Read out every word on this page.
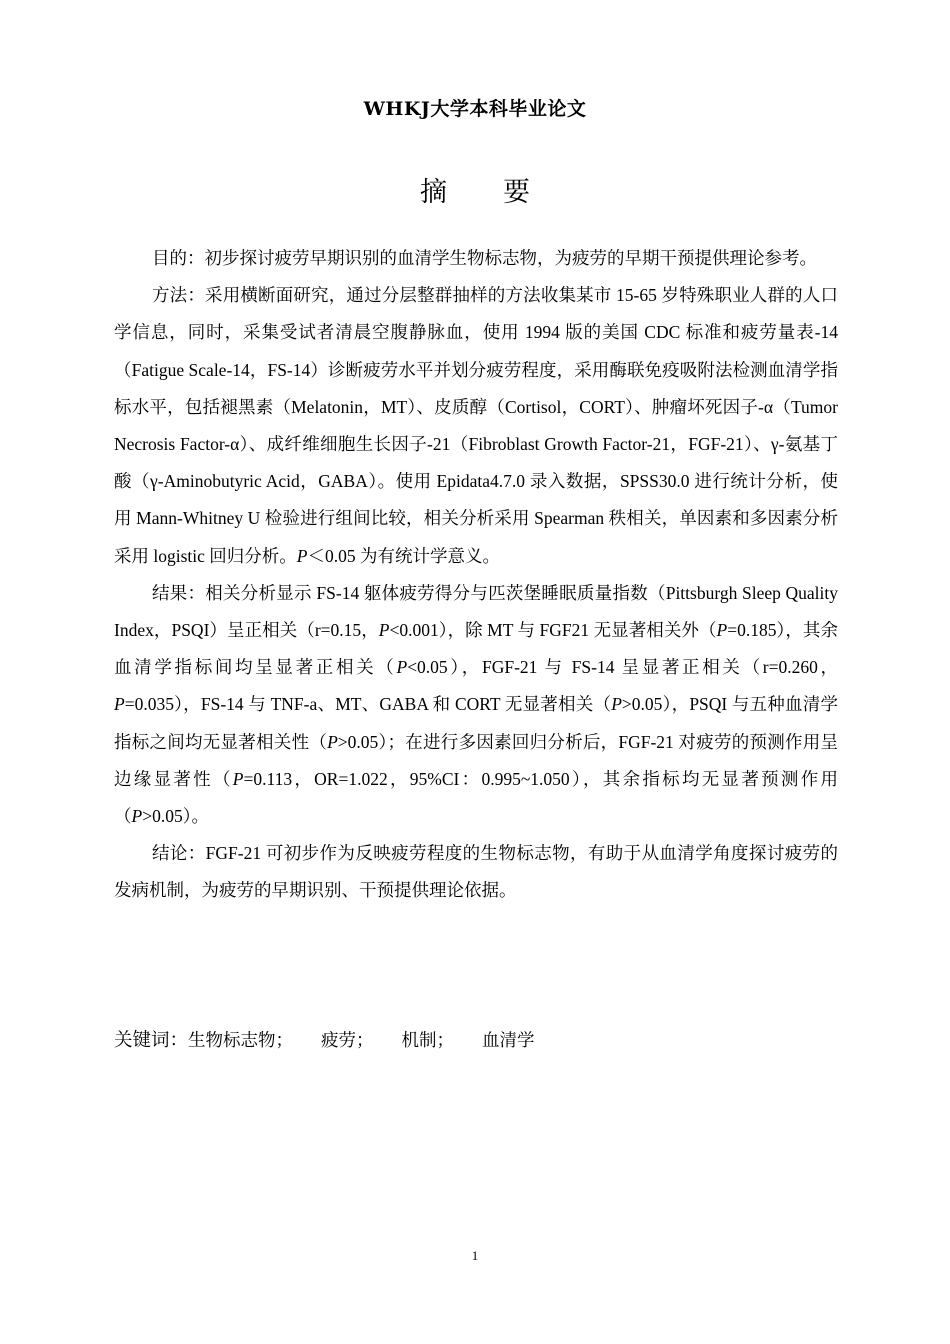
WHKJ大学本科毕业论文
摘 要

目的：初步探讨疲劳早期识别的血清学生物标志物，为疲劳的早期干预提供理论参考。

方法：采用横断面研究，通过分层整群抽样的方法收集某市 15-65 岁特殊职业人群的人口学信息，同时，采集受试者清晨空腹静脉血，使用 1994 版的美国 CDC 标准和疲劳量表-14（Fatigue Scale-14，FS-14）诊断疲劳水平并划分疲劳程度，采用酶联免疫吸附法检测血清学指标水平，包括褪黑素（Melatonin，MT）、皮质醇（Cortisol，CORT）、肿瘤坏死因子-α（Tumor Necrosis Factor-α）、成纤维细胞生长因子-21（Fibroblast Growth Factor-21，FGF-21）、γ-氨基丁酸（γ-Aminobutyric Acid，GABA）。使用 Epidata4.7.0 录入数据，SPSS30.0 进行统计分析，使用 Mann-Whitney U 检验进行组间比较，相关分析采用 Spearman 秩相关，单因素和多因素分析采用 logistic 回归分析。P＜0.05 为有统计学意义。

结果：相关分析显示 FS-14 躯体疲劳得分与匹茨堡睡眠质量指数（Pittsburgh Sleep Quality Index，PSQI）呈正相关（r=0.15，P<0.001），除 MT 与 FGF21 无显著相关外（P=0.185），其余血清学指标间均呈显著正相关（P<0.05），FGF-21 与 FS-14 呈显著正相关（r=0.260，P=0.035），FS-14 与 TNF-a、MT、GABA 和 CORT 无显著相关（P>0.05），PSQI 与五种血清学指标之间均无显著相关性（P>0.05）；在进行多因素回归分析后，FGF-21 对疲劳的预测作用呈边缘显著性（P=0.113，OR=1.022，95%CI：0.995~1.050），其余指标均无显著预测作用（P>0.05）。

结论：FGF-21 可初步作为反映疲劳程度的生物标志物，有助于从血清学角度探讨疲劳的发病机制，为疲劳的早期识别、干预提供理论依据。

关键词：生物标志物； 疲劳； 机制； 血清学
1
